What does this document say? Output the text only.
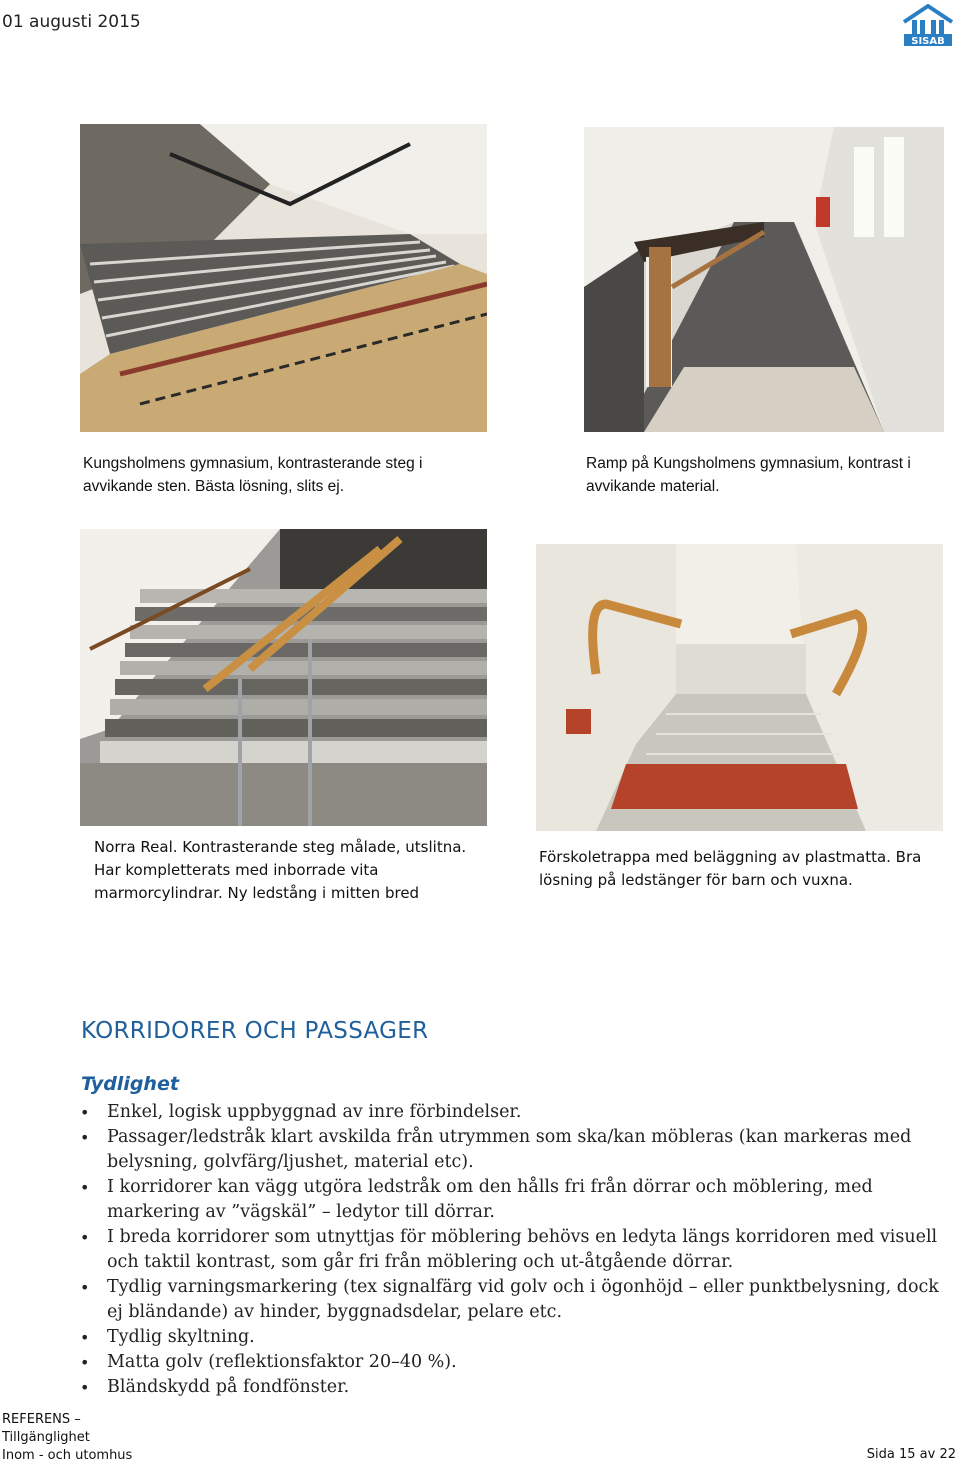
01 augusti 2015
SISAB
Kungsholmens gymnasium, kontrasterande steg i avvikande sten. Bästa lösning, slits ej.
Ramp på Kungsholmens gymnasium, kontrast i avvikande material.
Norra Real. Kontrasterande steg målade, utslitna. Har kompletterats med inborrade vita marmorcylindrar. Ny ledstång i mitten bred
Förskoletrappa med beläggning av plastmatta. Bra lösning på ledstänger för barn och vuxna.
KORRIDORER OCH PASSAGER
Tydlighet
• Enkel, logisk uppbyggnad av inre förbindelser.
• Passager/ledstråk klart avskilda från utrymmen som ska/kan möbleras (kan markeras med belysning, golvfärg/ljushet, material etc).
• I korridorer kan vägg utgöra ledstråk om den hålls fri från dörrar och möblering, med markering av ”vägskäl” – ledytor till dörrar.
• I breda korridorer som utnyttjas för möblering behövs en ledyta längs korridoren med visuell och taktil kontrast, som går fri från möblering och ut-åtgående dörrar.
• Tydlig varningsmarkering (tex signalfärg vid golv och i ögonhöjd – eller punktbelysning, dock ej bländande) av hinder, byggnadsdelar, pelare etc.
• Tydlig skyltning.
• Matta golv (reflektionsfaktor 20–40 %).
• Bländskydd på fondfönster.
REFERENS –
Tillgänglighet
Inom - och utomhus	Sida 15 av 22
